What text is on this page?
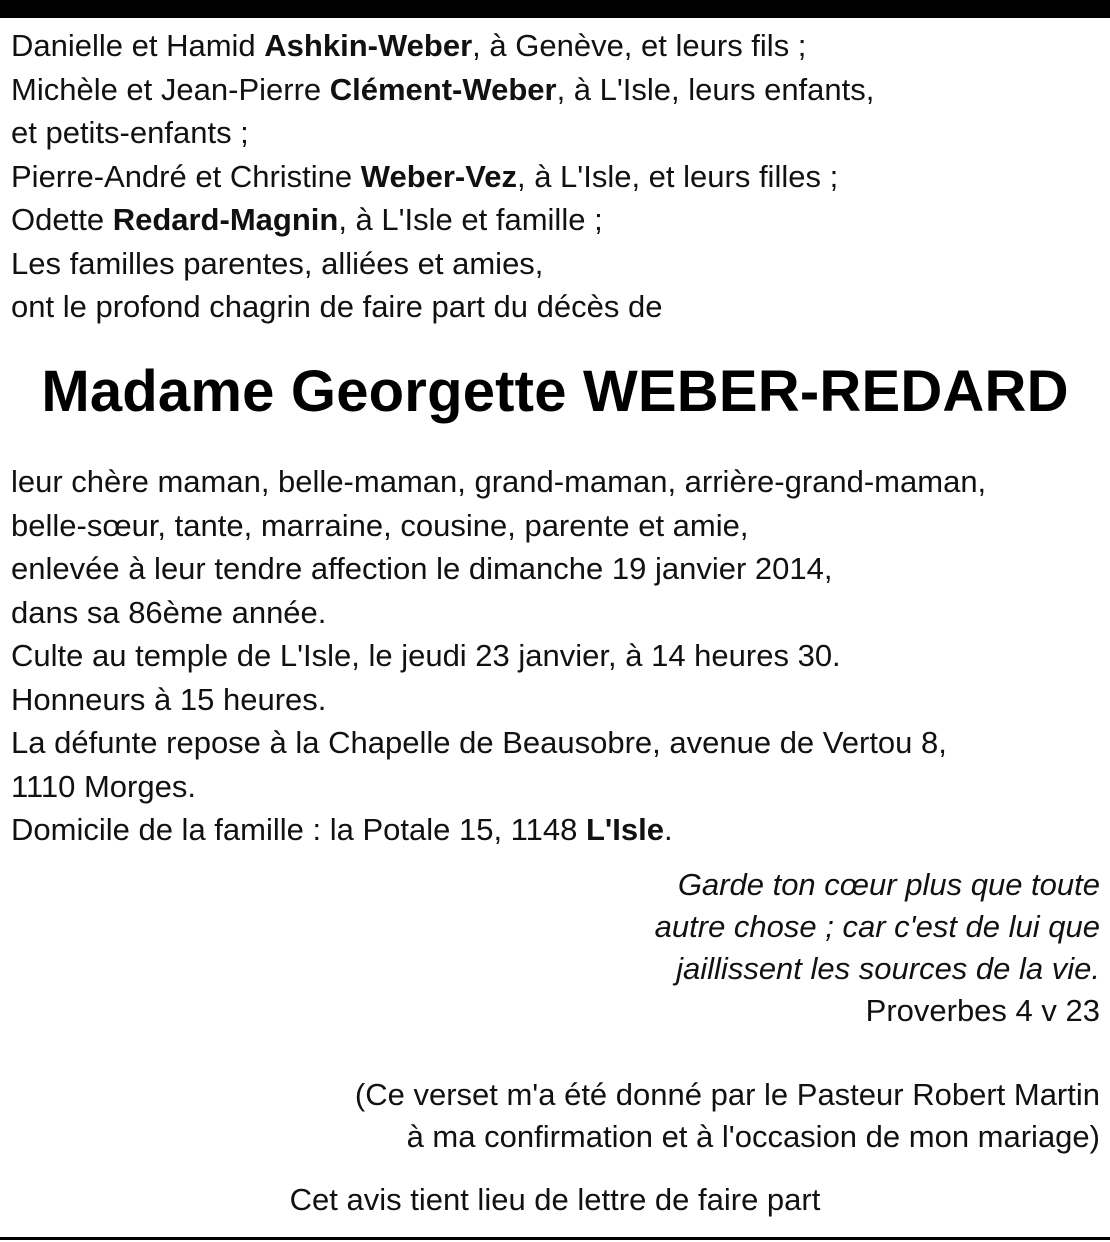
Danielle et Hamid Ashkin-Weber, à Genève, et leurs fils ;
Michèle et Jean-Pierre Clément-Weber, à L'Isle, leurs enfants,
et petits-enfants ;
Pierre-André et Christine Weber-Vez, à L'Isle, et leurs filles ;
Odette Redard-Magnin, à L'Isle et famille ;
Les familles parentes, alliées et amies,
ont le profond chagrin de faire part du décès de
Madame Georgette WEBER-REDARD
leur chère maman, belle-maman, grand-maman, arrière-grand-maman,
belle-sœur, tante, marraine, cousine, parente et amie,
enlevée à leur tendre affection le dimanche 19 janvier 2014,
dans sa 86ème année.
Culte au temple de L'Isle, le jeudi 23 janvier, à 14 heures 30.
Honneurs à 15 heures.
La défunte repose à la Chapelle de Beausobre, avenue de Vertou 8,
1110 Morges.
Domicile de la famille : la Potale 15, 1148 L'Isle.
Garde ton cœur plus que toute
autre chose ; car c'est de lui que
jaillissent les sources de la vie.
Proverbes 4 v 23
(Ce verset m'a été donné par le Pasteur Robert Martin
à ma confirmation et à l'occasion de mon mariage)
Cet avis tient lieu de lettre de faire part
